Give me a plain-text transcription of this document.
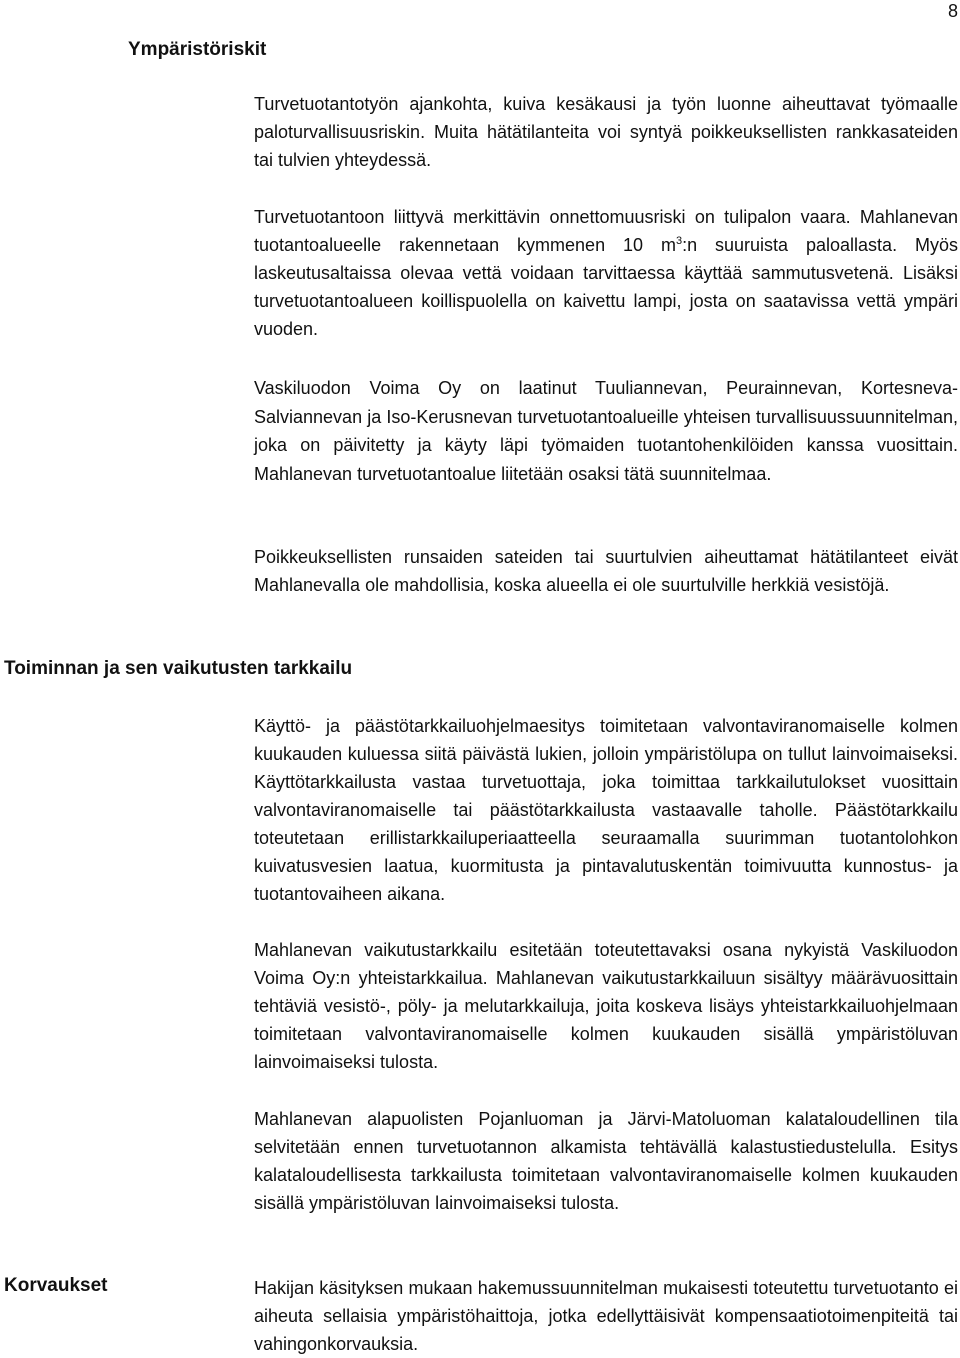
8
Ympäristöriskit

Turvetuotantotyön ajankohta, kuiva kesäkausi ja työn luonne aiheuttavat työmaalle paloturvallisuusriskin. Muita hätätilanteita voi syntyä poikkeuksellisten rankkasateiden tai tulvien yhteydessä.

Turvetuotantoon liittyvä merkittävin onnettomuusriski on tulipalon vaara. Mahlanevan tuotantoalueelle rakennetaan kymmenen 10 $m^3:n$ suuruista paloallasta. Myös laskeutusaltaissa olevaa vettä voidaan tarvittaessa käyttää sammutusvetenä. Lisäksi turvetuotantoalueen koillispuolella on kaivettu lampi, josta on saatavissa vettä ympäri vuoden.

Vaskiluodon Voima Oy on laatinut Tuuliannevan, Peurainnevan, Kortesneva-Salviannevan ja Iso-Kerusnevan turvetuotantoalueille yhteisen turvallisuussuunnitelman, joka on päivitetty ja käyty läpi työmaiden tuotantohenkilöiden kanssa vuosittain. Mahlanevan turvetuotantoalue liitetään osaksi tätä suunnitelmaa.

Poikkeuksellisten runsaiden sateiden tai suurtulvien aiheuttamat hätätilanteet eivät Mahlanevalla ole mahdollisia, koska alueella ei ole suurtulville herkkiä vesistöjä.

Toiminnan ja sen vaikutusten tarkkailu

Käyttö- ja päästötarkkailuohjelmaesitys toimitetaan valvontaviranomaiselle kolmen kuukauden kuluessa siitä päivästä lukien, jolloin ympäristölupa on tullut lainvoimaiseksi. Käyttötarkkailusta vastaa turvetuottaja, joka toimittaa tarkkailutulokset vuosittain valvontaviranomaiselle tai päästötarkkailusta vastaavalle taholle. Päästötarkkailu toteutetaan erillistarkkailuperiaatteella seuraamalla suurimman tuotantolohkon kuivatusvesien laatua, kuormitusta ja pintavalutuskentän toimivuutta kunnostus- ja tuotantovaiheen aikana.

Mahlanevan vaikutustarkkailu esitetään toteutettavaksi osana nykyistä Vaskiluodon Voima Oy:n yhteistarkkailua. Mahlanevan vaikutustarkkailuun sisältyy määrävuosittain tehtäviä vesistö-, pöly- ja melutarkkailuja, joita koskeva lisäys yhteistarkkailuohjelmaan toimitetaan valvontaviranomaiselle kolmen kuukauden sisällä ympäristöluvan lainvoimaiseksi tulosta.

Mahlanevan alapuolisten Pojanluoman ja Järvi-Matoluoman kalataloudellinen tila selvitetään ennen turvetuotannon alkamista tehtävällä kalastustiedustelulla. Esitys kalataloudellisesta tarkkailusta toimitetaan valvontaviranomaiselle kolmen kuukauden sisällä ympäristöluvan lainvoimaiseksi tulosta.

Korvaukset	Hakijan käsityksen mukaan hakemussuunnitelman mukaisesti toteutettu turvetuotanto ei aiheuta sellaisia ympäristöhaittoja, jotka edellyttäisivät kompensaatiotoimenpiteitä tai vahingonkorvauksia.
